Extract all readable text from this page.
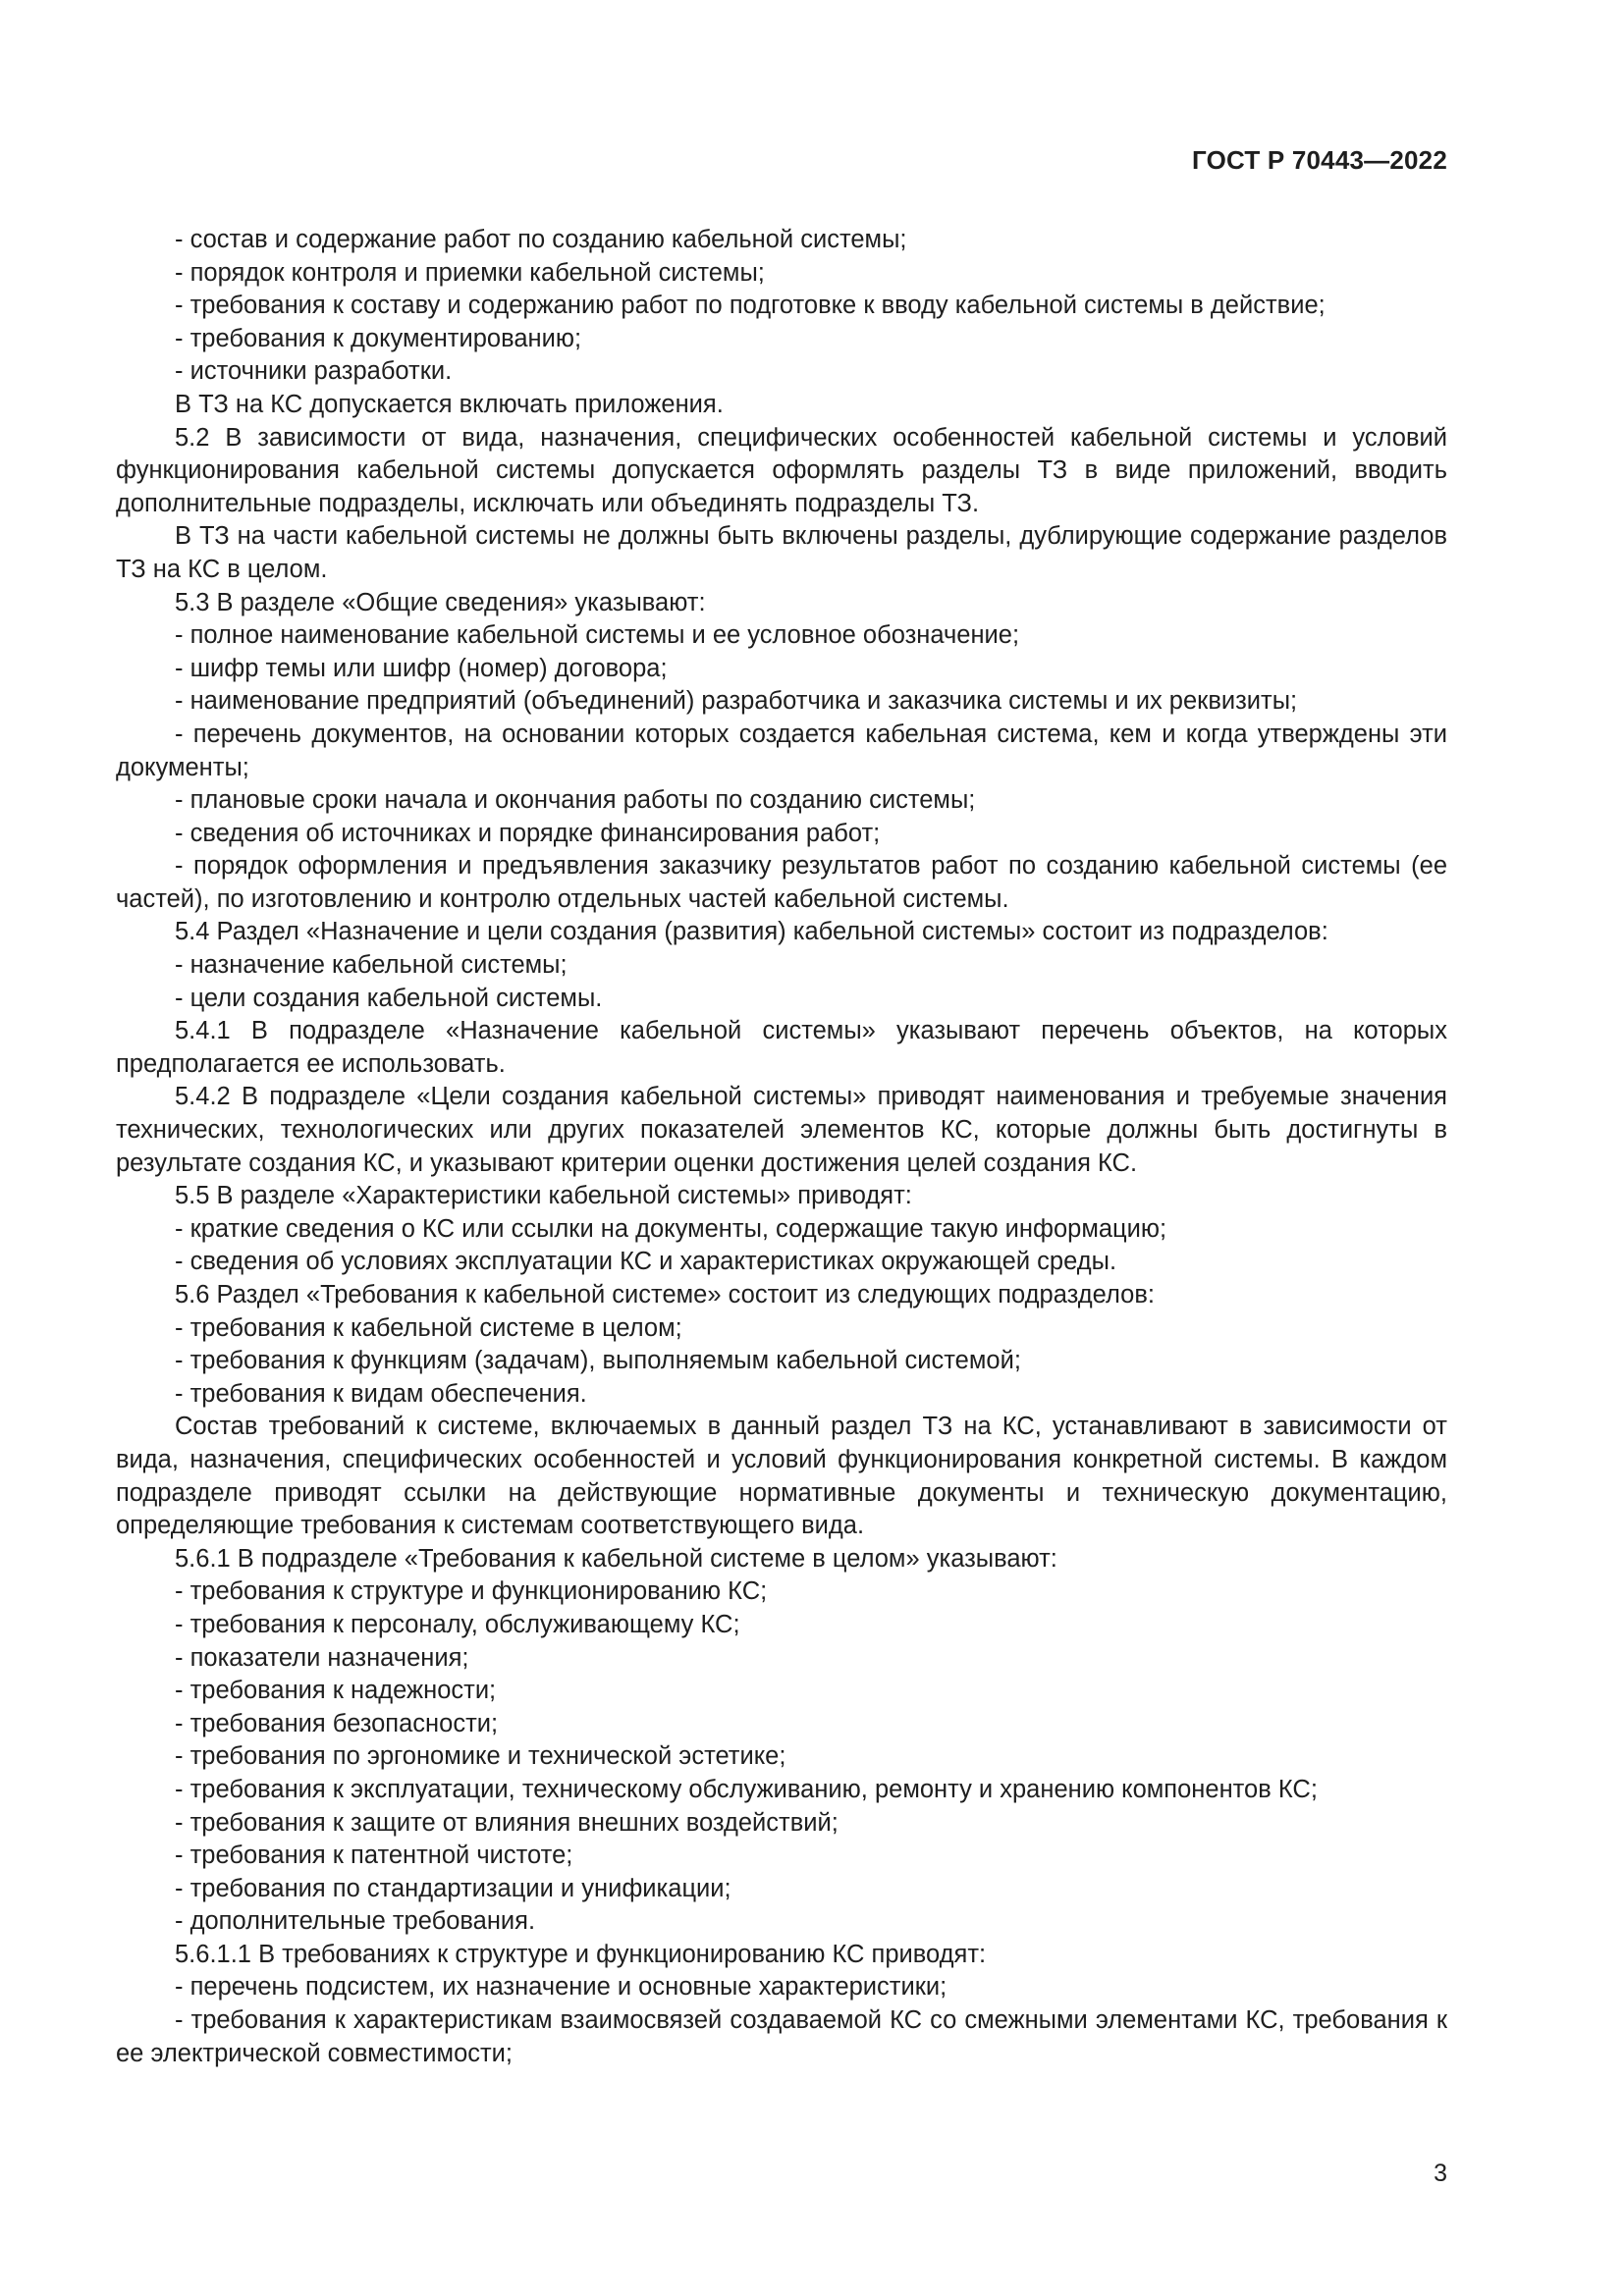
ГОСТ Р 70443—2022

- состав и содержание работ по созданию кабельной системы;

- порядок контроля и приемки кабельной системы;

- требования к составу и содержанию работ по подготовке к вводу кабельной системы в действие;

- требования к документированию;

- источники разработки.

В ТЗ на КС допускается включать приложения.

5.2 В зависимости от вида, назначения, специфических особенностей кабельной системы и условий функционирования кабельной системы допускается оформлять разделы ТЗ в виде приложений, вводить дополнительные подразделы, исключать или объединять подразделы ТЗ.

В ТЗ на части кабельной системы не должны быть включены разделы, дублирующие содержание разделов ТЗ на КС в целом.

5.3 В разделе «Общие сведения» указывают:

- полное наименование кабельной системы и ее условное обозначение;

- шифр темы или шифр (номер) договора;

- наименование предприятий (объединений) разработчика и заказчика системы и их реквизиты;

- перечень документов, на основании которых создается кабельная система, кем и когда утверждены эти документы;

- плановые сроки начала и окончания работы по созданию системы;

- сведения об источниках и порядке финансирования работ;

- порядок оформления и предъявления заказчику результатов работ по созданию кабельной системы (ее частей), по изготовлению и контролю отдельных частей кабельной системы.

5.4 Раздел «Назначение и цели создания (развития) кабельной системы» состоит из подразделов:

- назначение кабельной системы;

- цели создания кабельной системы.

5.4.1 В подразделе «Назначение кабельной системы» указывают перечень объектов, на которых предполагается ее использовать.

5.4.2 В подразделе «Цели создания кабельной системы» приводят наименования и требуемые значения технических, технологических или других показателей элементов КС, которые должны быть достигнуты в результате создания КС, и указывают критерии оценки достижения целей создания КС.

5.5 В разделе «Характеристики кабельной системы» приводят:

- краткие сведения о КС или ссылки на документы, содержащие такую информацию;

- сведения об условиях эксплуатации КС и характеристиках окружающей среды.

5.6 Раздел «Требования к кабельной системе» состоит из следующих подразделов:

- требования к кабельной системе в целом;

- требования к функциям (задачам), выполняемым кабельной системой;

- требования к видам обеспечения.

Состав требований к системе, включаемых в данный раздел ТЗ на КС, устанавливают в зависимости от вида, назначения, специфических особенностей и условий функционирования конкретной системы. В каждом подразделе приводят ссылки на действующие нормативные документы и техническую документацию, определяющие требования к системам соответствующего вида.

5.6.1 В подразделе «Требования к кабельной системе в целом» указывают:

- требования к структуре и функционированию КС;

- требования к персоналу, обслуживающему КС;

- показатели назначения;

- требования к надежности;

- требования безопасности;

- требования по эргономике и технической эстетике;

- требования к эксплуатации, техническому обслуживанию, ремонту и хранению компонентов КС;

- требования к защите от влияния внешних воздействий;

- требования к патентной чистоте;

- требования по стандартизации и унификации;

- дополнительные требования.

5.6.1.1 В требованиях к структуре и функционированию КС приводят:

- перечень подсистем, их назначение и основные характеристики;

- требования к характеристикам взаимосвязей создаваемой КС со смежными элементами КС, требования к ее электрической совместимости;

3
